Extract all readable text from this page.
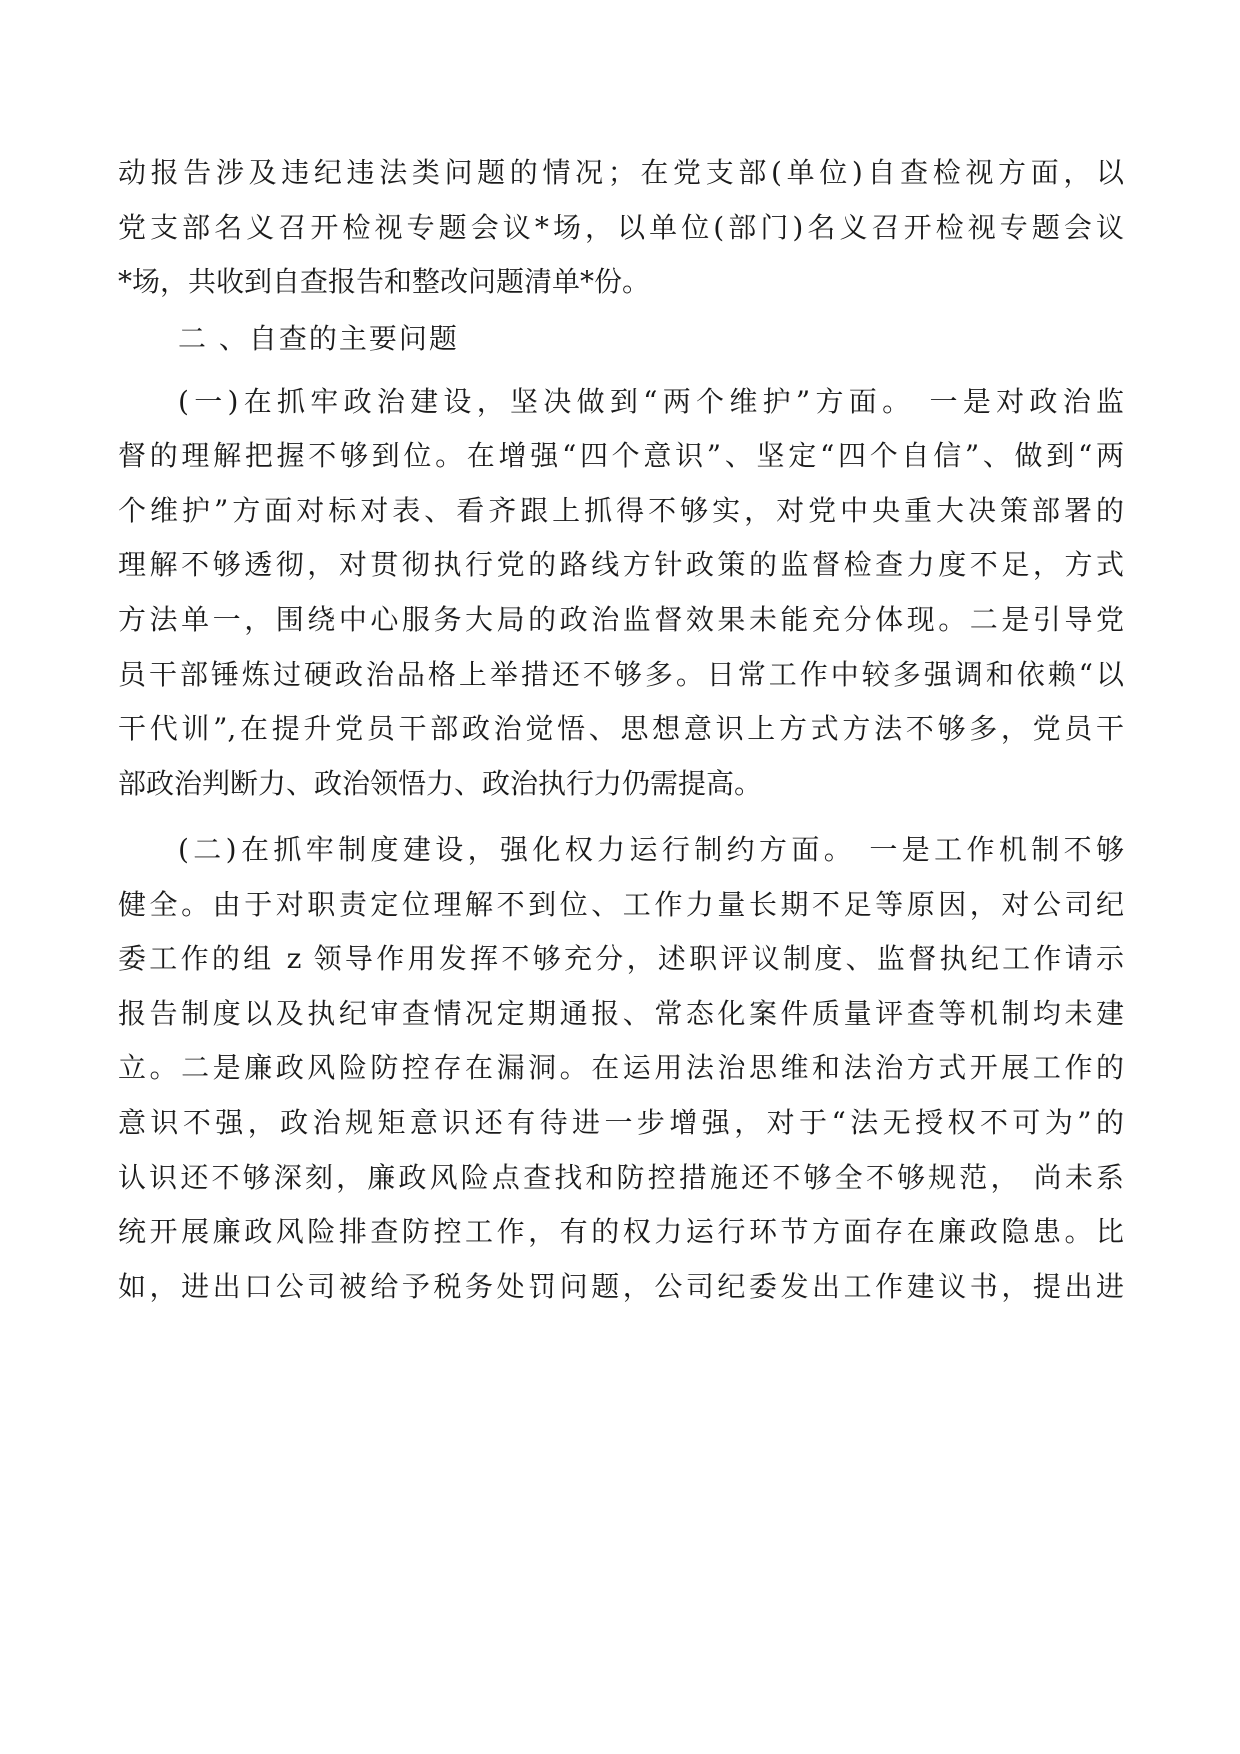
动报告涉及违纪违法类问题的情况；在党支部(单位)自查检视方面，以
党支部名义召开检视专题会议*场，以单位(部门)名义召开检视专题会议
*场，共收到自查报告和整改问题清单*份。
二 、自查的主要问题
(一)在抓牢政治建设，坚决做到“两个维护”方面。 一是对政治监
督的理解把握不够到位。在增强“四个意识”、坚定“四个自信”、做到“两
个维护”方面对标对表、看齐跟上抓得不够实，对党中央重大决策部署的
理解不够透彻，对贯彻执行党的路线方针政策的监督检查力度不足，方式
方法单一，围绕中心服务大局的政治监督效果未能充分体现。二是引导党
员干部锤炼过硬政治品格上举措还不够多。日常工作中较多强调和依赖“以
干代训”,在提升党员干部政治觉悟、思想意识上方式方法不够多，党员干
部政治判断力、政治领悟力、政治执行力仍需提高。
(二)在抓牢制度建设，强化权力运行制约方面。 一是工作机制不够
健全。由于对职责定位理解不到位、工作力量长期不足等原因，对公司纪
委工作的组 z 领导作用发挥不够充分，述职评议制度、监督执纪工作请示
报告制度以及执纪审查情况定期通报、常态化案件质量评查等机制均未建
立。二是廉政风险防控存在漏洞。在运用法治思维和法治方式开展工作的
意识不强，政治规矩意识还有待进一步增强，对于“法无授权不可为”的
认识还不够深刻，廉政风险点查找和防控措施还不够全不够规范， 尚未系
统开展廉政风险排查防控工作，有的权力运行环节方面存在廉政隐患。比
如，进出口公司被给予税务处罚问题，公司纪委发出工作建议书，提出进
